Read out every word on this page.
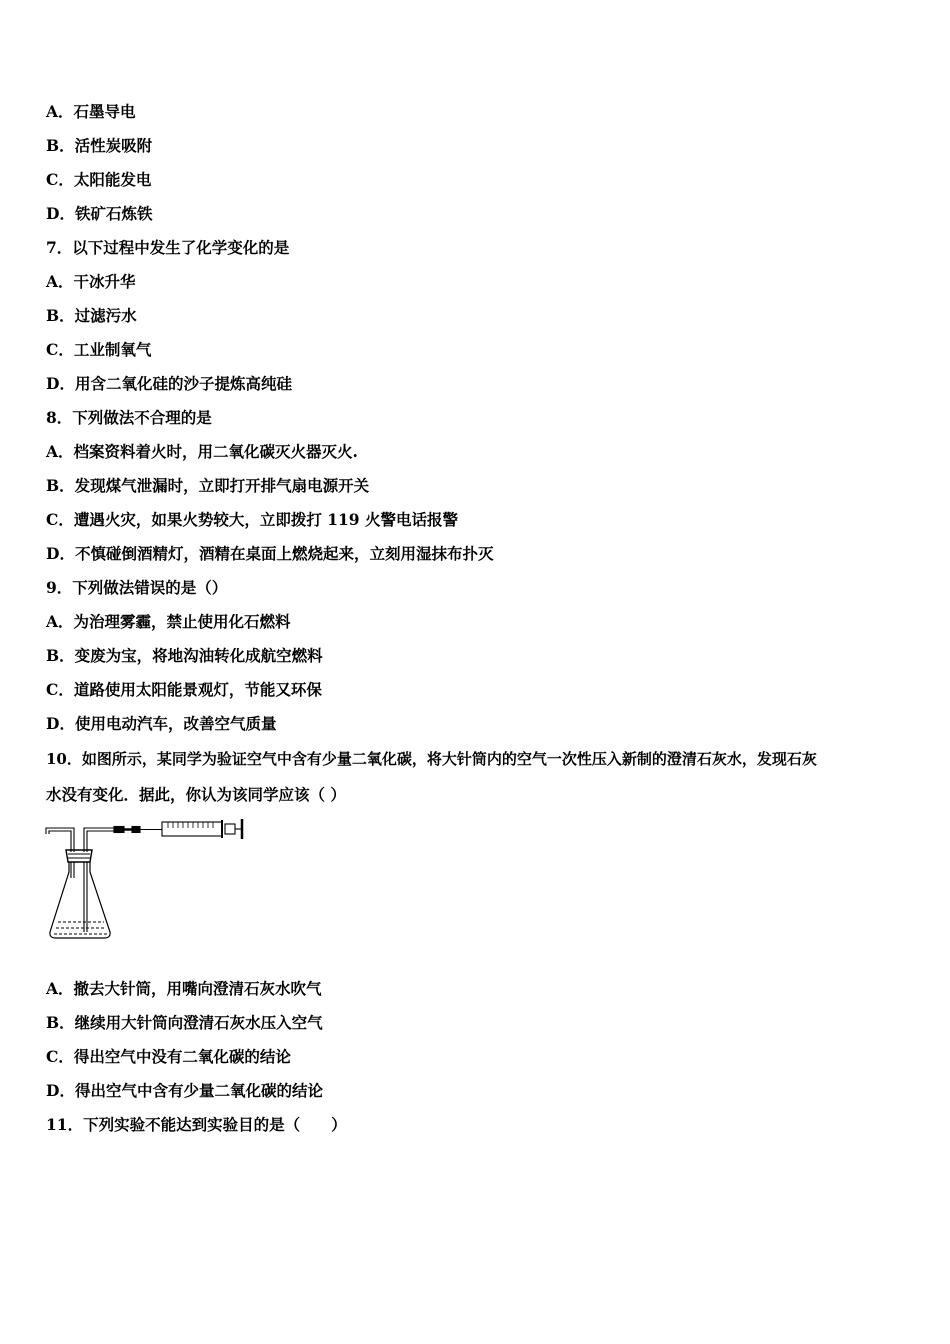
A．石墨导电
B．活性炭吸附
C．太阳能发电
D．铁矿石炼铁
7．以下过程中发生了化学变化的是
A．干冰升华
B．过滤污水
C．工业制氧气
D．用含二氧化硅的沙子提炼高纯硅
8．下列做法不合理的是
A．档案资料着火时，用二氧化碳灭火器灭火.
B．发现煤气泄漏时，立即打开排气扇电源开关
C．遭遇火灾，如果火势较大，立即拨打 119 火警电话报警
D．不慎碰倒酒精灯，酒精在桌面上燃烧起来，立刻用湿抹布扑灭
9．下列做法错误的是（）
A．为治理雾霾，禁止使用化石燃料
B．变废为宝，将地沟油转化成航空燃料
C．道路使用太阳能景观灯，节能又环保
D．使用电动汽车，改善空气质量
10．如图所示，某同学为验证空气中含有少量二氧化碳，将大针筒内的空气一次性压入新制的澄清石灰水，发现石灰
水没有变化．据此，你认为该同学应该（ ）
A．撤去大针筒，用嘴向澄清石灰水吹气
B．继续用大针筒向澄清石灰水压入空气
C．得出空气中没有二氧化碳的结论
D．得出空气中含有少量二氧化碳的结论
11．下列实验不能达到实验目的是（　　）
